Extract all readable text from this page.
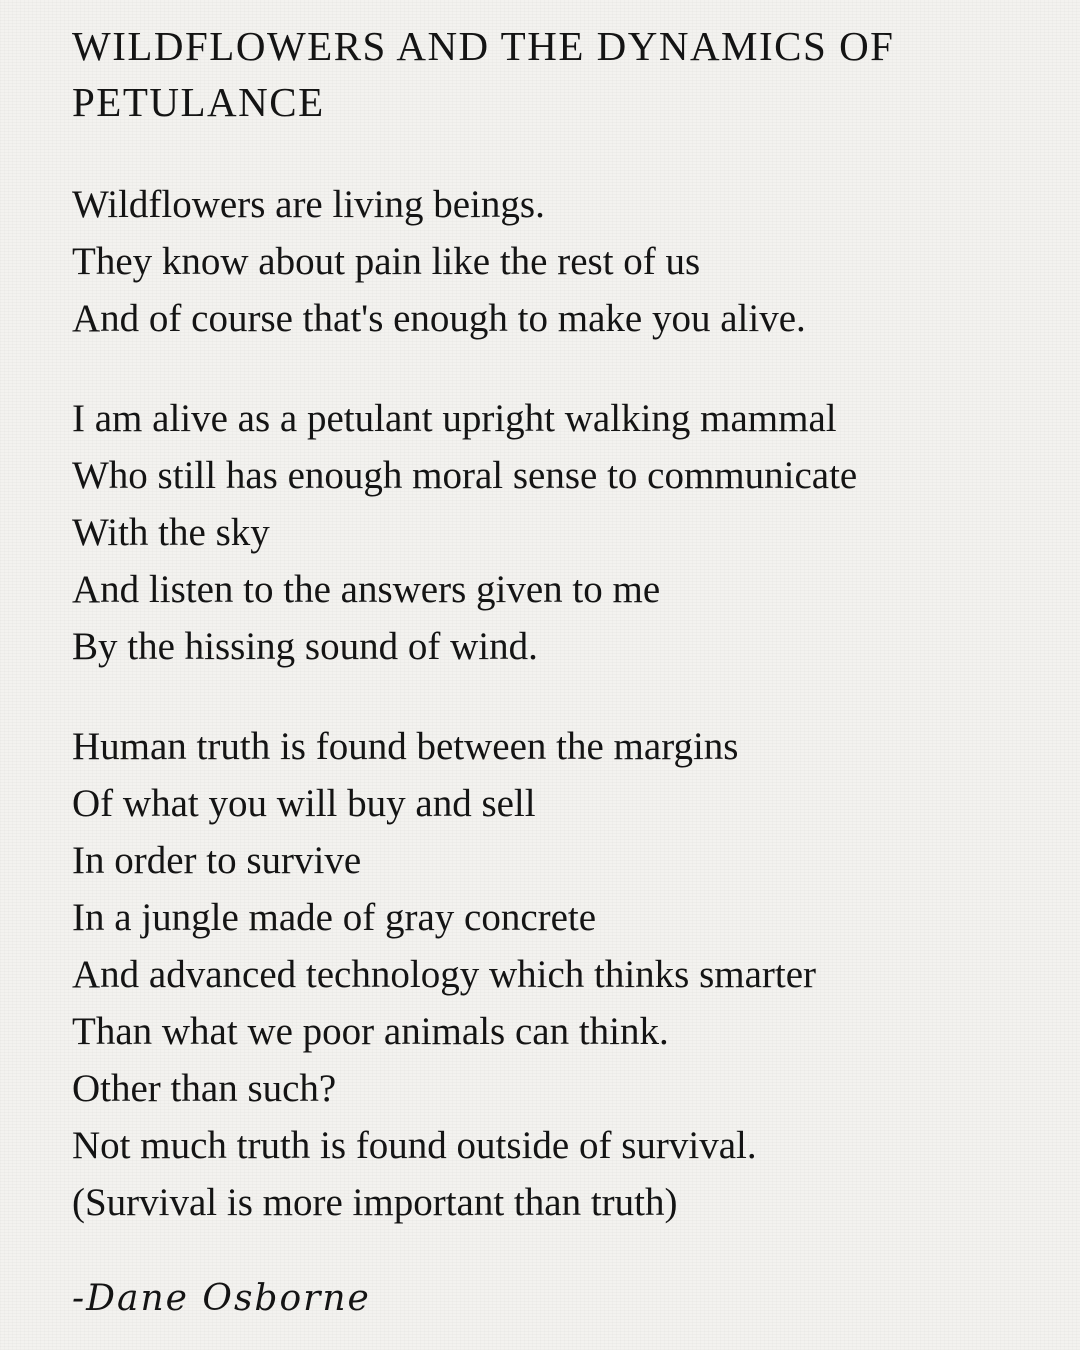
WILDFLOWERS AND THE DYNAMICS OF PETULANCE
Wildflowers are living beings.
They know about pain like the rest of us
And of course that's enough to make you alive.
I am alive as a petulant upright walking mammal
Who still has enough moral sense to communicate
With the sky
And listen to the answers given to me
By the hissing sound of wind.
Human truth is found between the margins
Of what you will buy and sell
In order to survive
In a jungle made of gray concrete
And advanced technology which thinks smarter
Than what we poor animals can think.
Other than such?
Not much truth is found outside of survival.
(Survival is more important than truth)
-Dane Osborne
